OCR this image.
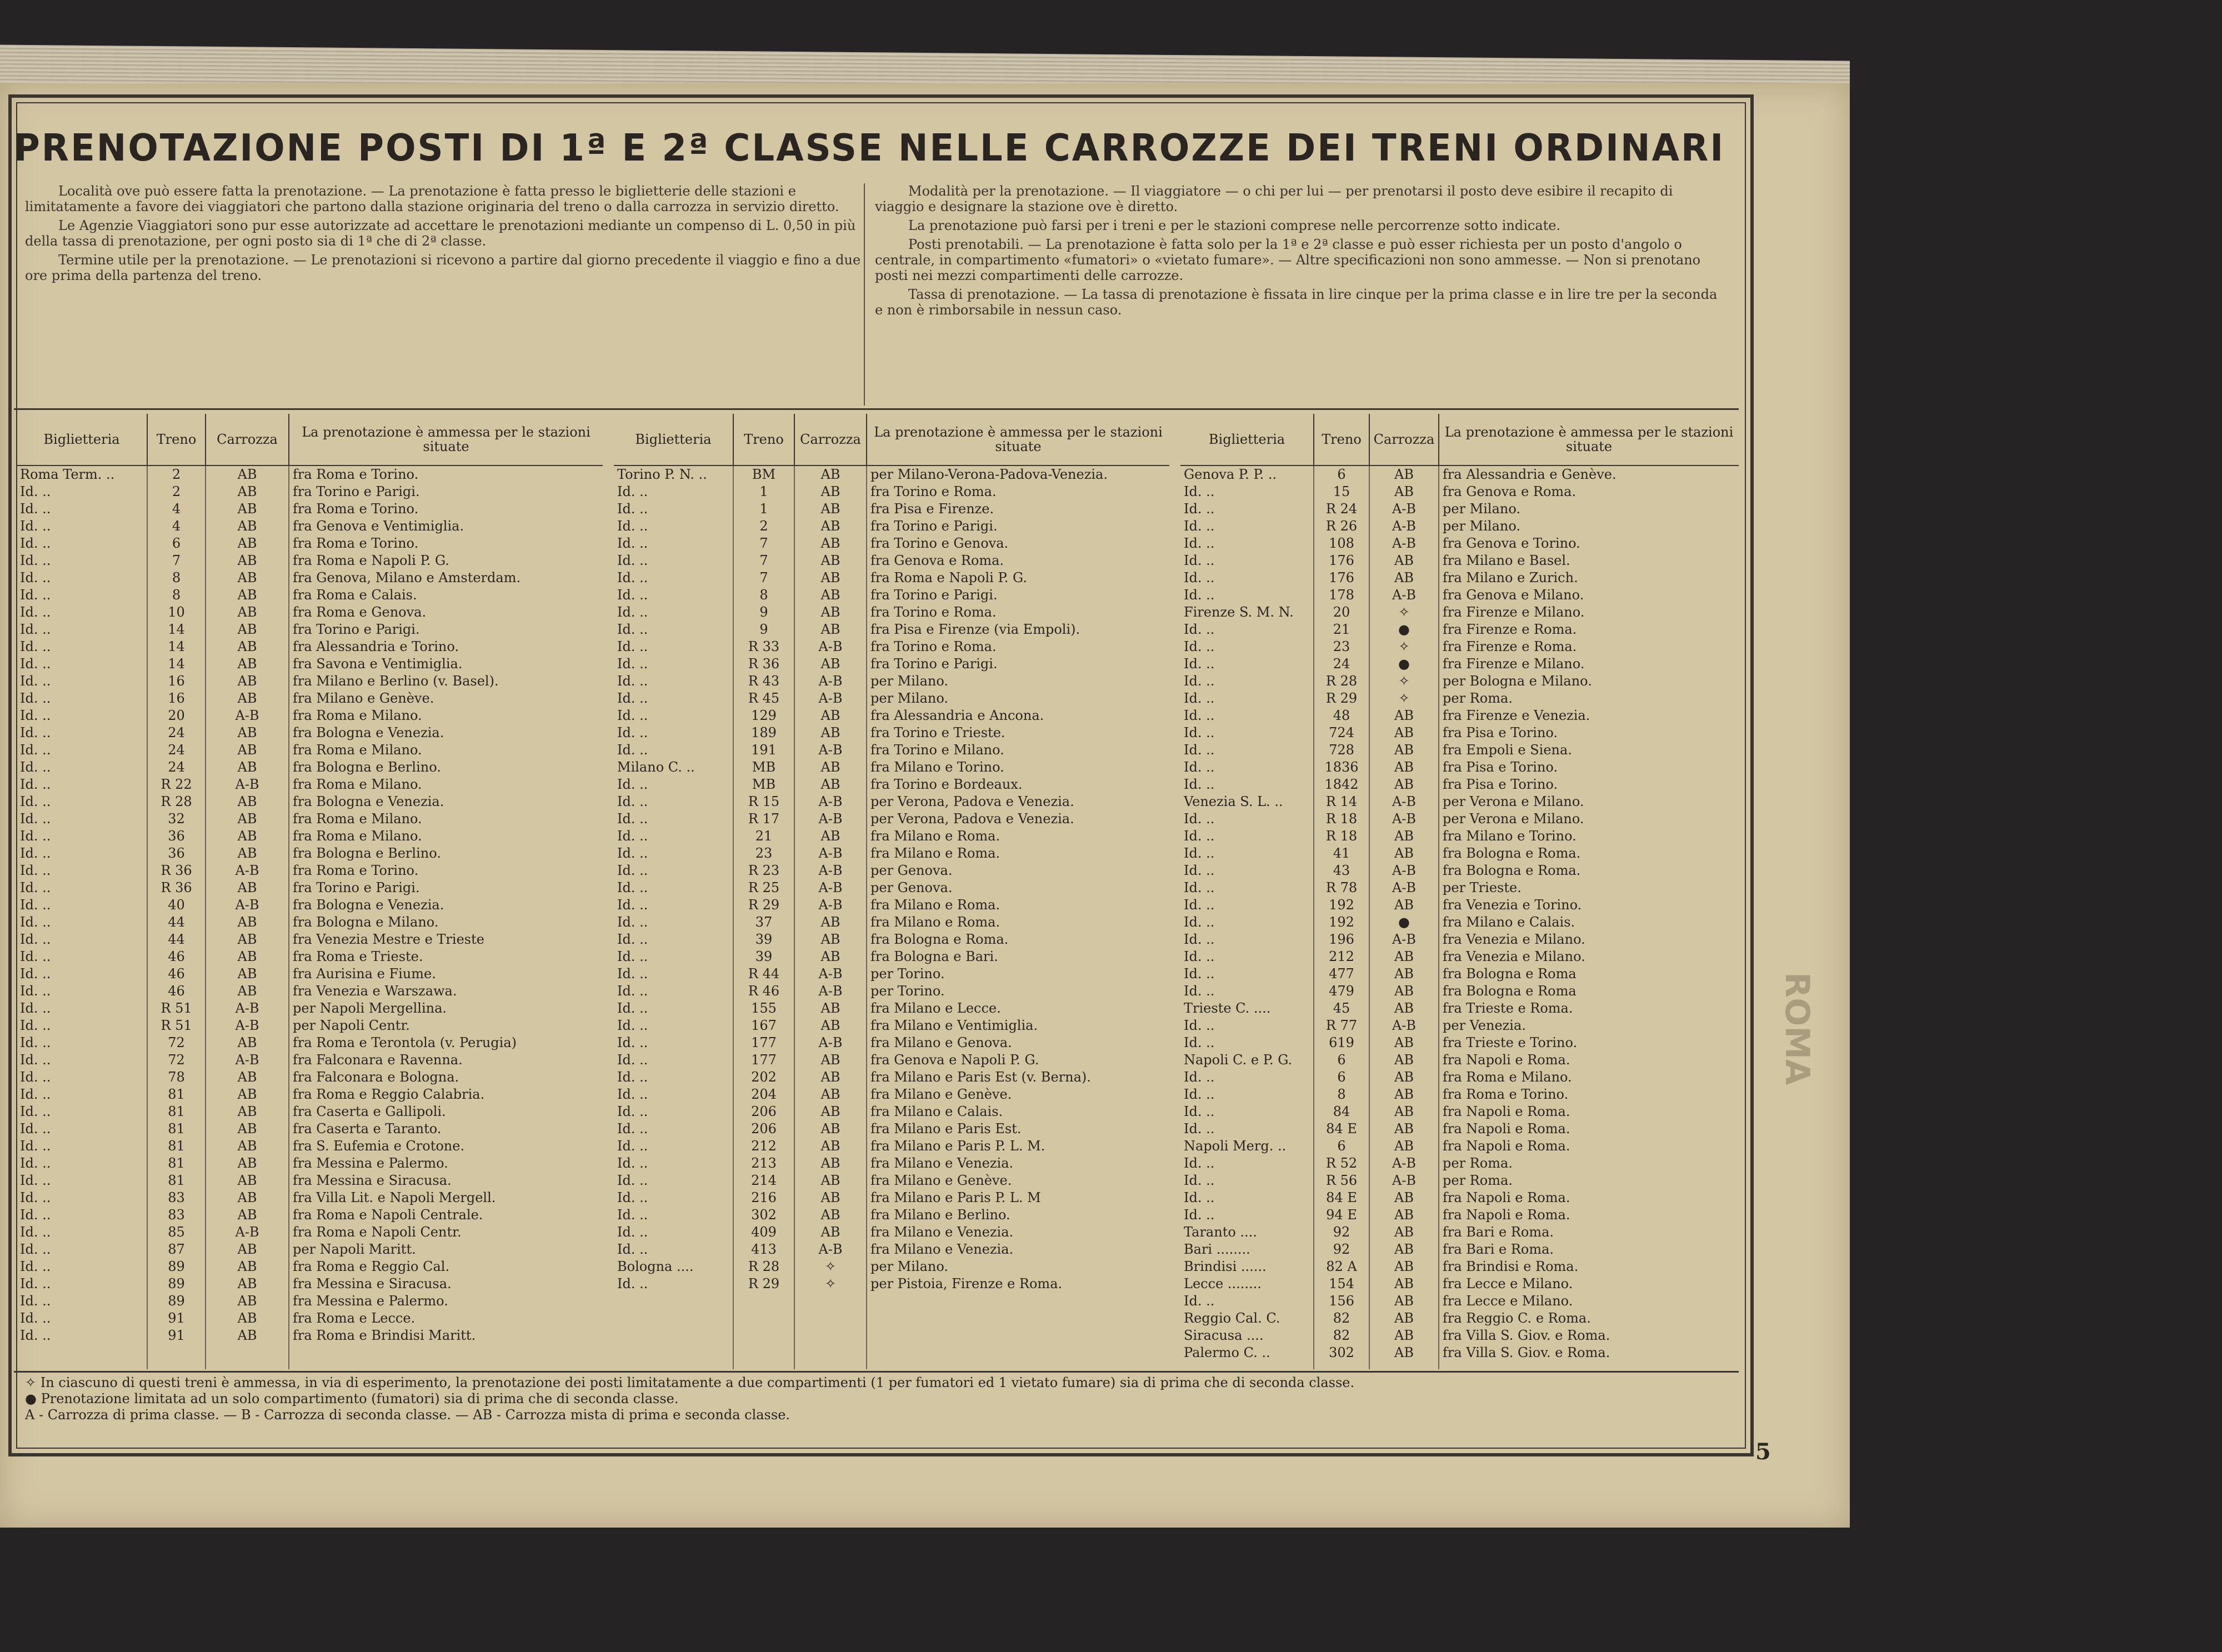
ROMA
PRENOTAZIONE POSTI DI 1ª E 2ª CLASSE NELLE CARROZZE DEI TRENI ORDINARI

Località ove può essere fatta la prenotazione. — La prenotazione è fatta presso le biglietterie delle stazioni e limitatamente a favore dei viaggiatori che partono dalla stazione originaria del treno o dalla carrozza in servizio diretto.

Le Agenzie Viaggiatori sono pur esse autorizzate ad accettare le prenotazioni mediante un compenso di L. 0,50 in più della tassa di prenotazione, per ogni posto sia di 1ª che di 2ª classe.

Termine utile per la prenotazione. — Le prenotazioni si ricevono a partire dal giorno precedente il viaggio e fino a due ore prima della partenza del treno.

Modalità per la prenotazione. — Il viaggiatore — o chi per lui — per prenotarsi il posto deve esibire il recapito di viaggio e designare la stazione ove è diretto.

La prenotazione può farsi per i treni e per le stazioni comprese nelle percorrenze sotto indicate.

Posti prenotabili. — La prenotazione è fatta solo per la 1ª e 2ª classe e può esser richiesta per un posto d'angolo o centrale, in compartimento «fumatori» o «vietato fumare». — Altre specificazioni non sono ammesse. — Non si prenotano posti nei mezzi compartimenti delle carrozze.

Tassa di prenotazione. — La tassa di prenotazione è fissata in lire cinque per la prima classe e in lire tre per la seconda e non è rimborsabile in nessun caso.

Biglietteria	Treno	Carrozza	La prenotazione è ammessa per le stazioni situate
Roma Term. ..	2	AB	fra Roma e Torino.
Id. ..	2	AB	fra Torino e Parigi.
Id. ..	4	AB	fra Roma e Torino.
Id. ..	4	AB	fra Genova e Ventimiglia.
Id. ..	6	AB	fra Roma e Torino.
Id. ..	7	AB	fra Roma e Napoli P. G.
Id. ..	8	AB	fra Genova, Milano e Amsterdam.
Id. ..	8	AB	fra Roma e Calais.
Id. ..	10	AB	fra Roma e Genova.
Id. ..	14	AB	fra Torino e Parigi.
Id. ..	14	AB	fra Alessandria e Torino.
Id. ..	14	AB	fra Savona e Ventimiglia.
Id. ..	16	AB	fra Milano e Berlino (v. Basel).
Id. ..	16	AB	fra Milano e Genève.
Id. ..	20	A-B	fra Roma e Milano.
Id. ..	24	AB	fra Bologna e Venezia.
Id. ..	24	AB	fra Roma e Milano.
Id. ..	24	AB	fra Bologna e Berlino.
Id. ..	R 22	A-B	fra Roma e Milano.
Id. ..	R 28	AB	fra Bologna e Venezia.
Id. ..	32	AB	fra Roma e Milano.
Id. ..	36	AB	fra Roma e Milano.
Id. ..	36	AB	fra Bologna e Berlino.
Id. ..	R 36	A-B	fra Roma e Torino.
Id. ..	R 36	AB	fra Torino e Parigi.
Id. ..	40	A-B	fra Bologna e Venezia.
Id. ..	44	AB	fra Bologna e Milano.
Id. ..	44	AB	fra Venezia Mestre e Trieste
Id. ..	46	AB	fra Roma e Trieste.
Id. ..	46	AB	fra Aurisina e Fiume.
Id. ..	46	AB	fra Venezia e Warszawa.
Id. ..	R 51	A-B	per Napoli Mergellina.
Id. ..	R 51	A-B	per Napoli Centr.
Id. ..	72	AB	fra Roma e Terontola (v. Perugia)
Id. ..	72	A-B	fra Falconara e Ravenna.
Id. ..	78	AB	fra Falconara e Bologna.
Id. ..	81	AB	fra Roma e Reggio Calabria.
Id. ..	81	AB	fra Caserta e Gallipoli.
Id. ..	81	AB	fra Caserta e Taranto.
Id. ..	81	AB	fra S. Eufemia e Crotone.
Id. ..	81	AB	fra Messina e Palermo.
Id. ..	81	AB	fra Messina e Siracusa.
Id. ..	83	AB	fra Villa Lit. e Napoli Mergell.
Id. ..	83	AB	fra Roma e Napoli Centrale.
Id. ..	85	A-B	fra Roma e Napoli Centr.
Id. ..	87	AB	per Napoli Maritt.
Id. ..	89	AB	fra Roma e Reggio Cal.
Id. ..	89	AB	fra Messina e Siracusa.
Id. ..	89	AB	fra Messina e Palermo.
Id. ..	91	AB	fra Roma e Lecce.
Id. ..	91	AB	fra Roma e Brindisi Maritt.

Biglietteria	Treno	Carrozza	La prenotazione è ammessa per le stazioni situate
Torino P. N. ..	BM	AB	per Milano-Verona-Padova-Venezia.
Id. ..	1	AB	fra Torino e Roma.
Id. ..	1	AB	fra Pisa e Firenze.
Id. ..	2	AB	fra Torino e Parigi.
Id. ..	7	AB	fra Torino e Genova.
Id. ..	7	AB	fra Genova e Roma.
Id. ..	7	AB	fra Roma e Napoli P. G.
Id. ..	8	AB	fra Torino e Parigi.
Id. ..	9	AB	fra Torino e Roma.
Id. ..	9	AB	fra Pisa e Firenze (via Empoli).
Id. ..	R 33	A-B	fra Torino e Roma.
Id. ..	R 36	AB	fra Torino e Parigi.
Id. ..	R 43	A-B	per Milano.
Id. ..	R 45	A-B	per Milano.
Id. ..	129	AB	fra Alessandria e Ancona.
Id. ..	189	AB	fra Torino e Trieste.
Id. ..	191	A-B	fra Torino e Milano.
Milano C. ..	MB	AB	fra Milano e Torino.
Id. ..	MB	AB	fra Torino e Bordeaux.
Id. ..	R 15	A-B	per Verona, Padova e Venezia.
Id. ..	R 17	A-B	per Verona, Padova e Venezia.
Id. ..	21	AB	fra Milano e Roma.
Id. ..	23	A-B	fra Milano e Roma.
Id. ..	R 23	A-B	per Genova.
Id. ..	R 25	A-B	per Genova.
Id. ..	R 29	A-B	fra Milano e Roma.
Id. ..	37	AB	fra Milano e Roma.
Id. ..	39	AB	fra Bologna e Roma.
Id. ..	39	AB	fra Bologna e Bari.
Id. ..	R 44	A-B	per Torino.
Id. ..	R 46	A-B	per Torino.
Id. ..	155	AB	fra Milano e Lecce.
Id. ..	167	AB	fra Milano e Ventimiglia.
Id. ..	177	A-B	fra Milano e Genova.
Id. ..	177	AB	fra Genova e Napoli P. G.
Id. ..	202	AB	fra Milano e Paris Est (v. Berna).
Id. ..	204	AB	fra Milano e Genève.
Id. ..	206	AB	fra Milano e Calais.
Id. ..	206	AB	fra Milano e Paris Est.
Id. ..	212	AB	fra Milano e Paris P. L. M.
Id. ..	213	AB	fra Milano e Venezia.
Id. ..	214	AB	fra Milano e Genève.
Id. ..	216	AB	fra Milano e Paris P. L. M
Id. ..	302	AB	fra Milano e Berlino.
Id. ..	409	AB	fra Milano e Venezia.
Id. ..	413	A-B	fra Milano e Venezia.
Bologna ....	R 28	✧	per Milano.
Id. ..	R 29	✧	per Pistoia, Firenze e Roma.

Biglietteria	Treno	Carrozza	La prenotazione è ammessa per le stazioni situate
Genova P. P. ..	6	AB	fra Alessandria e Genève.
Id. ..	15	AB	fra Genova e Roma.
Id. ..	R 24	A-B	per Milano.
Id. ..	R 26	A-B	per Milano.
Id. ..	108	A-B	fra Genova e Torino.
Id. ..	176	AB	fra Milano e Basel.
Id. ..	176	AB	fra Milano e Zurich.
Id. ..	178	A-B	fra Genova e Milano.
Firenze S. M. N.	20	✧	fra Firenze e Milano.
Id. ..	21	●	fra Firenze e Roma.
Id. ..	23	✧	fra Firenze e Roma.
Id. ..	24	●	fra Firenze e Milano.
Id. ..	R 28	✧	per Bologna e Milano.
Id. ..	R 29	✧	per Roma.
Id. ..	48	AB	fra Firenze e Venezia.
Id. ..	724	AB	fra Pisa e Torino.
Id. ..	728	AB	fra Empoli e Siena.
Id. ..	1836	AB	fra Pisa e Torino.
Id. ..	1842	AB	fra Pisa e Torino.
Venezia S. L. ..	R 14	A-B	per Verona e Milano.
Id. ..	R 18	A-B	per Verona e Milano.
Id. ..	R 18	AB	fra Milano e Torino.
Id. ..	41	AB	fra Bologna e Roma.
Id. ..	43	A-B	fra Bologna e Roma.
Id. ..	R 78	A-B	per Trieste.
Id. ..	192	AB	fra Venezia e Torino.
Id. ..	192	●	fra Milano e Calais.
Id. ..	196	A-B	fra Venezia e Milano.
Id. ..	212	AB	fra Venezia e Milano.
Id. ..	477	AB	fra Bologna e Roma
Id. ..	479	AB	fra Bologna e Roma
Trieste C. ....	45	AB	fra Trieste e Roma.
Id. ..	R 77	A-B	per Venezia.
Id. ..	619	AB	fra Trieste e Torino.
Napoli C. e P. G.	6	AB	fra Napoli e Roma.
Id. ..	6	AB	fra Roma e Milano.
Id. ..	8	AB	fra Roma e Torino.
Id. ..	84	AB	fra Napoli e Roma.
Id. ..	84 E	AB	fra Napoli e Roma.
Napoli Merg. ..	6	AB	fra Napoli e Roma.
Id. ..	R 52	A-B	per Roma.
Id. ..	R 56	A-B	per Roma.
Id. ..	84 E	AB	fra Napoli e Roma.
Id. ..	94 E	AB	fra Napoli e Roma.
Taranto ....	92	AB	fra Bari e Roma.
Bari ........	92	AB	fra Bari e Roma.
Brindisi ......	82 A	AB	fra Brindisi e Roma.
Lecce ........	154	AB	fra Lecce e Milano.
Id. ..	156	AB	fra Lecce e Milano.
Reggio Cal. C.	82	AB	fra Reggio C. e Roma.
Siracusa ....	82	AB	fra Villa S. Giov. e Roma.
Palermo C. ..	302	AB	fra Villa S. Giov. e Roma.

✧ In ciascuno di questi treni è ammessa, in via di esperimento, la prenotazione dei posti limitatamente a due compartimenti (1 per fumatori ed 1 vietato fumare) sia di prima che di seconda classe.
● Prenotazione limitata ad un solo compartimento (fumatori) sia di prima che di seconda classe.
A - Carrozza di prima classe. — B - Carrozza di seconda classe. — AB - Carrozza mista di prima e seconda classe.
5
